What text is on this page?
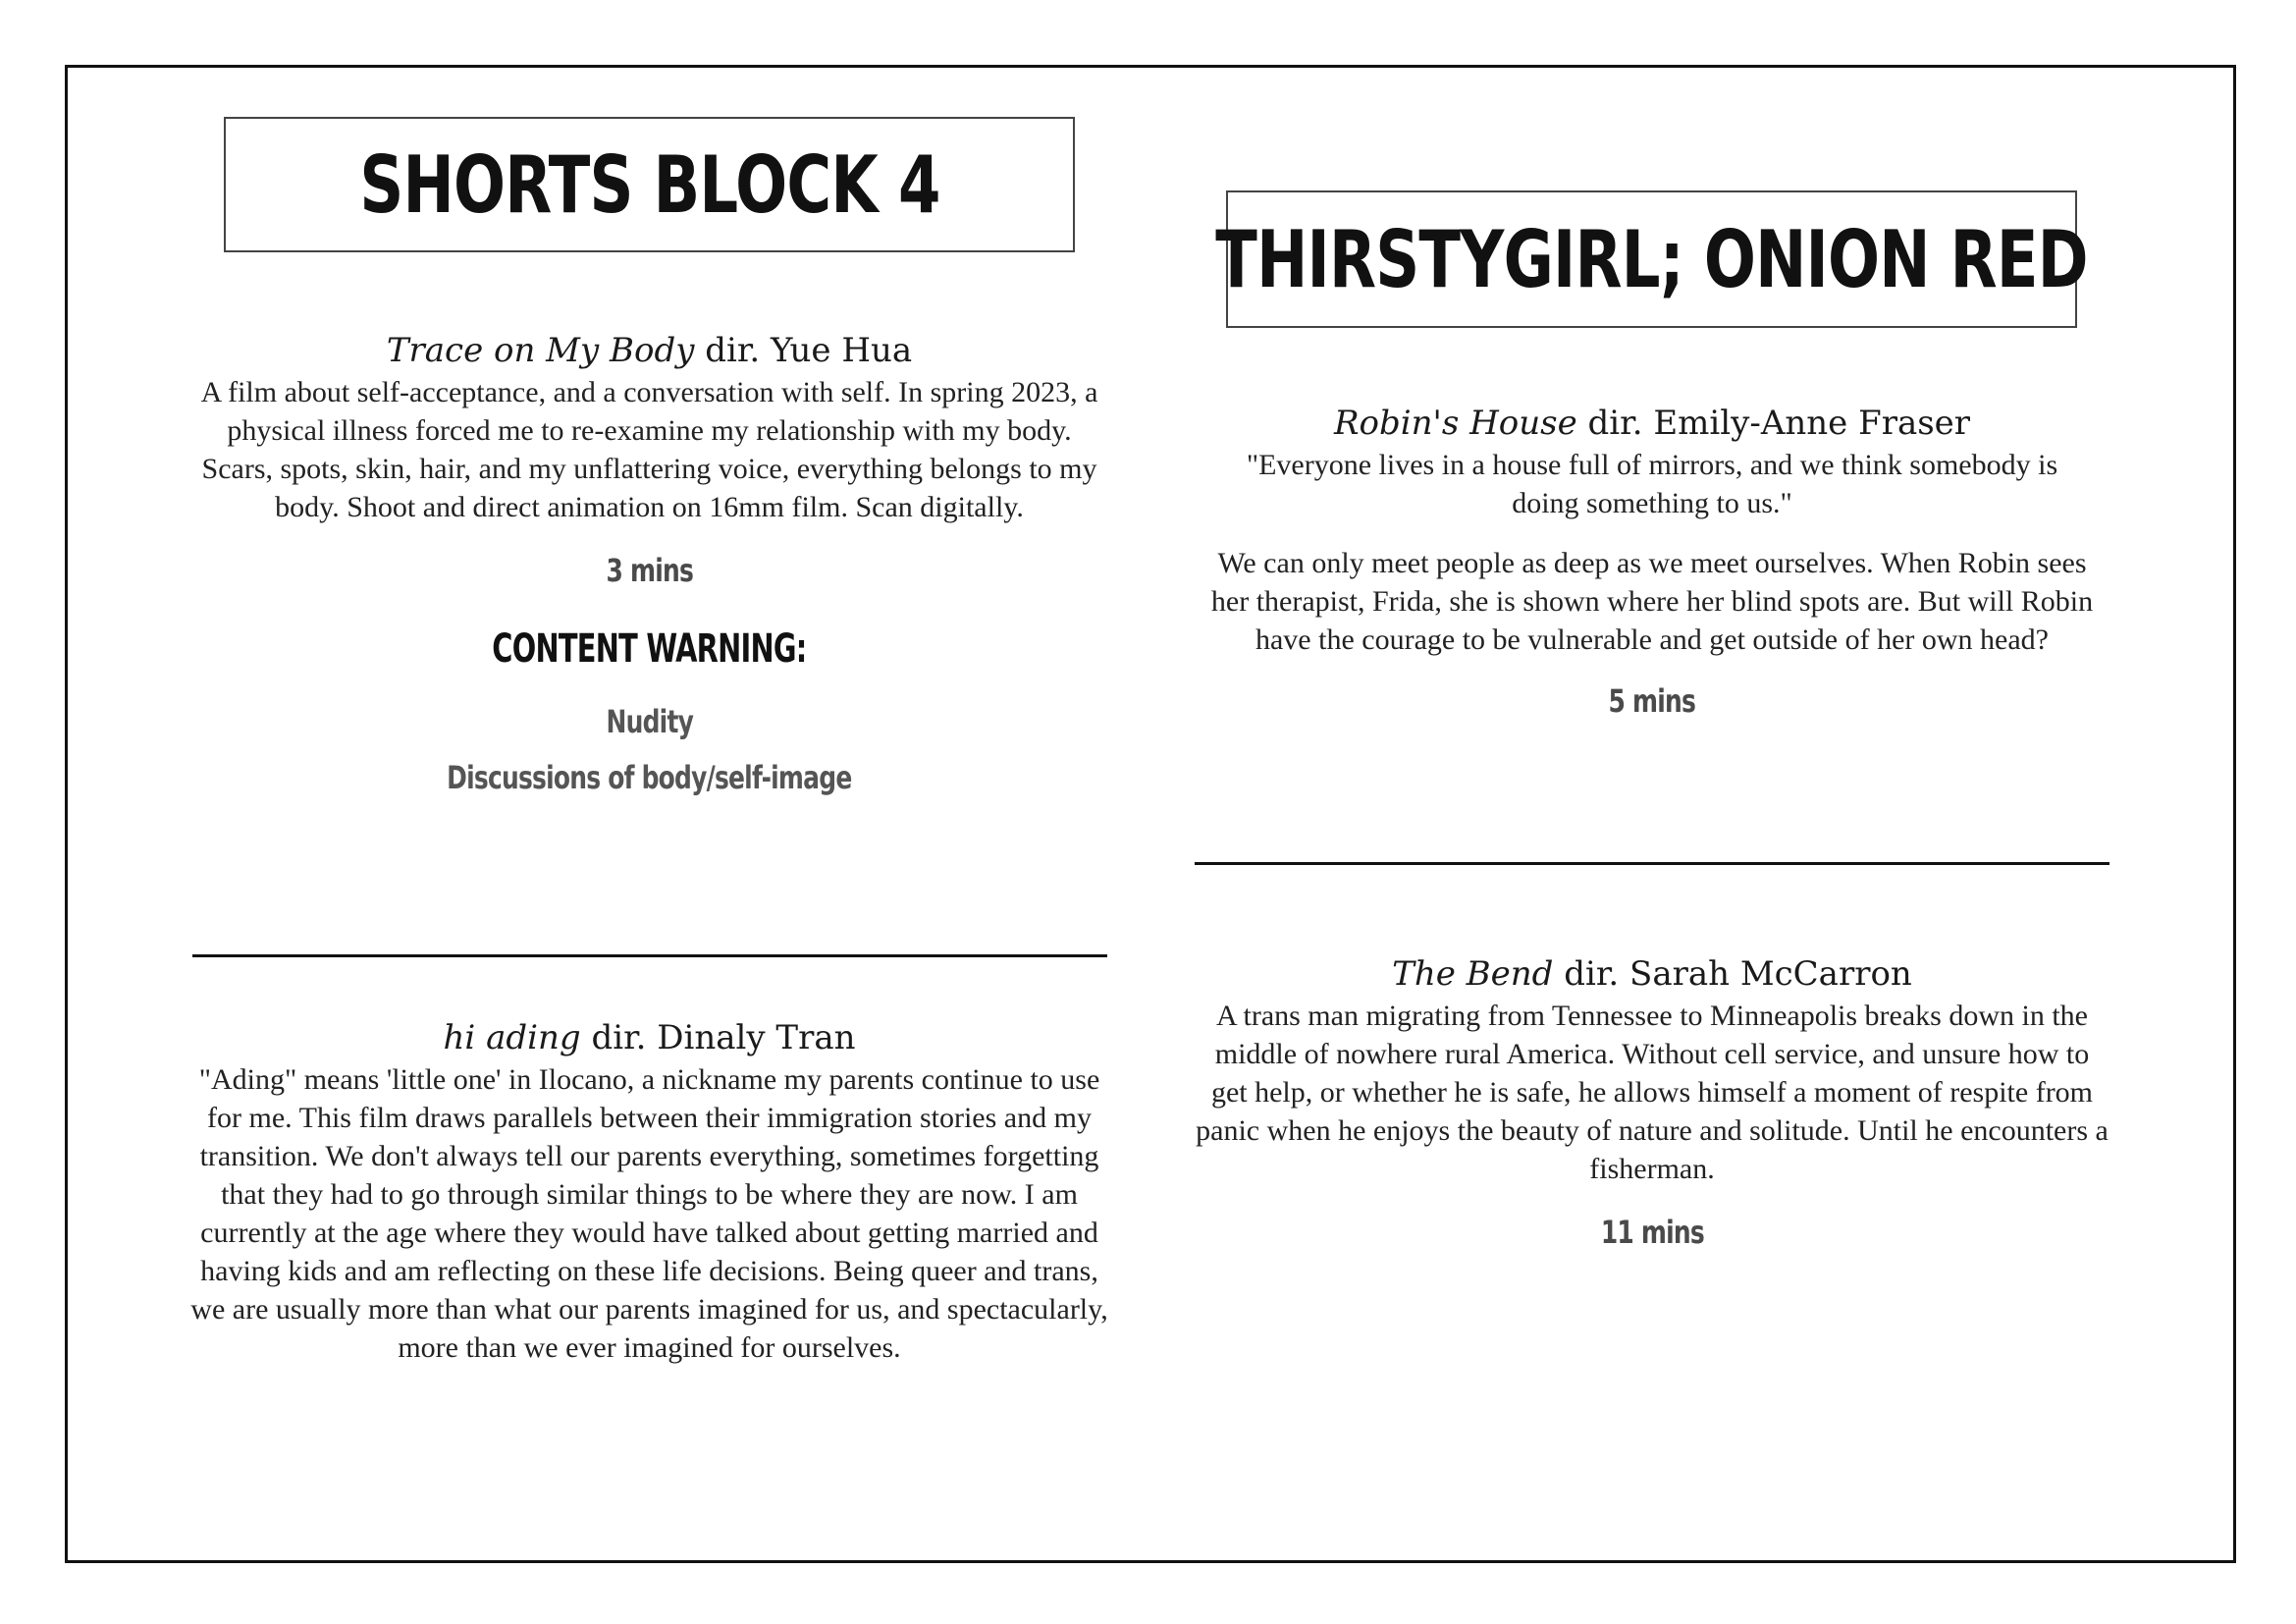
SHORTS BLOCK 4

Trace on My Body dir. Yue Hua

A film about self-acceptance, and a conversation with self. In spring 2023, a physical illness forced me to re-examine my relationship with my body. Scars, spots, skin, hair, and my unflattering voice, everything belongs to my body. Shoot and direct animation on 16mm film. Scan digitally.

3 mins
CONTENT WARNING:
Nudity
Discussions of body/self-image

hi ading dir. Dinaly Tran

"Ading" means 'little one' in Ilocano, a nickname my parents continue to use for me. This film draws parallels between their immigration stories and my transition. We don't always tell our parents everything, sometimes forgetting that they had to go through similar things to be where they are now. I am currently at the age where they would have talked about getting married and having kids and am reflecting on these life decisions. Being queer and trans, we are usually more than what our parents imagined for us, and spectacularly, more than we ever imagined for ourselves.

THIRSTYGIRL; ONION RED

Robin's House dir. Emily-Anne Fraser

"Everyone lives in a house full of mirrors, and we think somebody is doing something to us."

We can only meet people as deep as we meet ourselves. When Robin sees her therapist, Frida, she is shown where her blind spots are. But will Robin have the courage to be vulnerable and get outside of her own head?

5 mins

The Bend dir. Sarah McCarron

A trans man migrating from Tennessee to Minneapolis breaks down in the middle of nowhere rural America. Without cell service, and unsure how to get help, or whether he is safe, he allows himself a moment of respite from panic when he enjoys the beauty of nature and solitude. Until he encounters a fisherman.

11 mins
